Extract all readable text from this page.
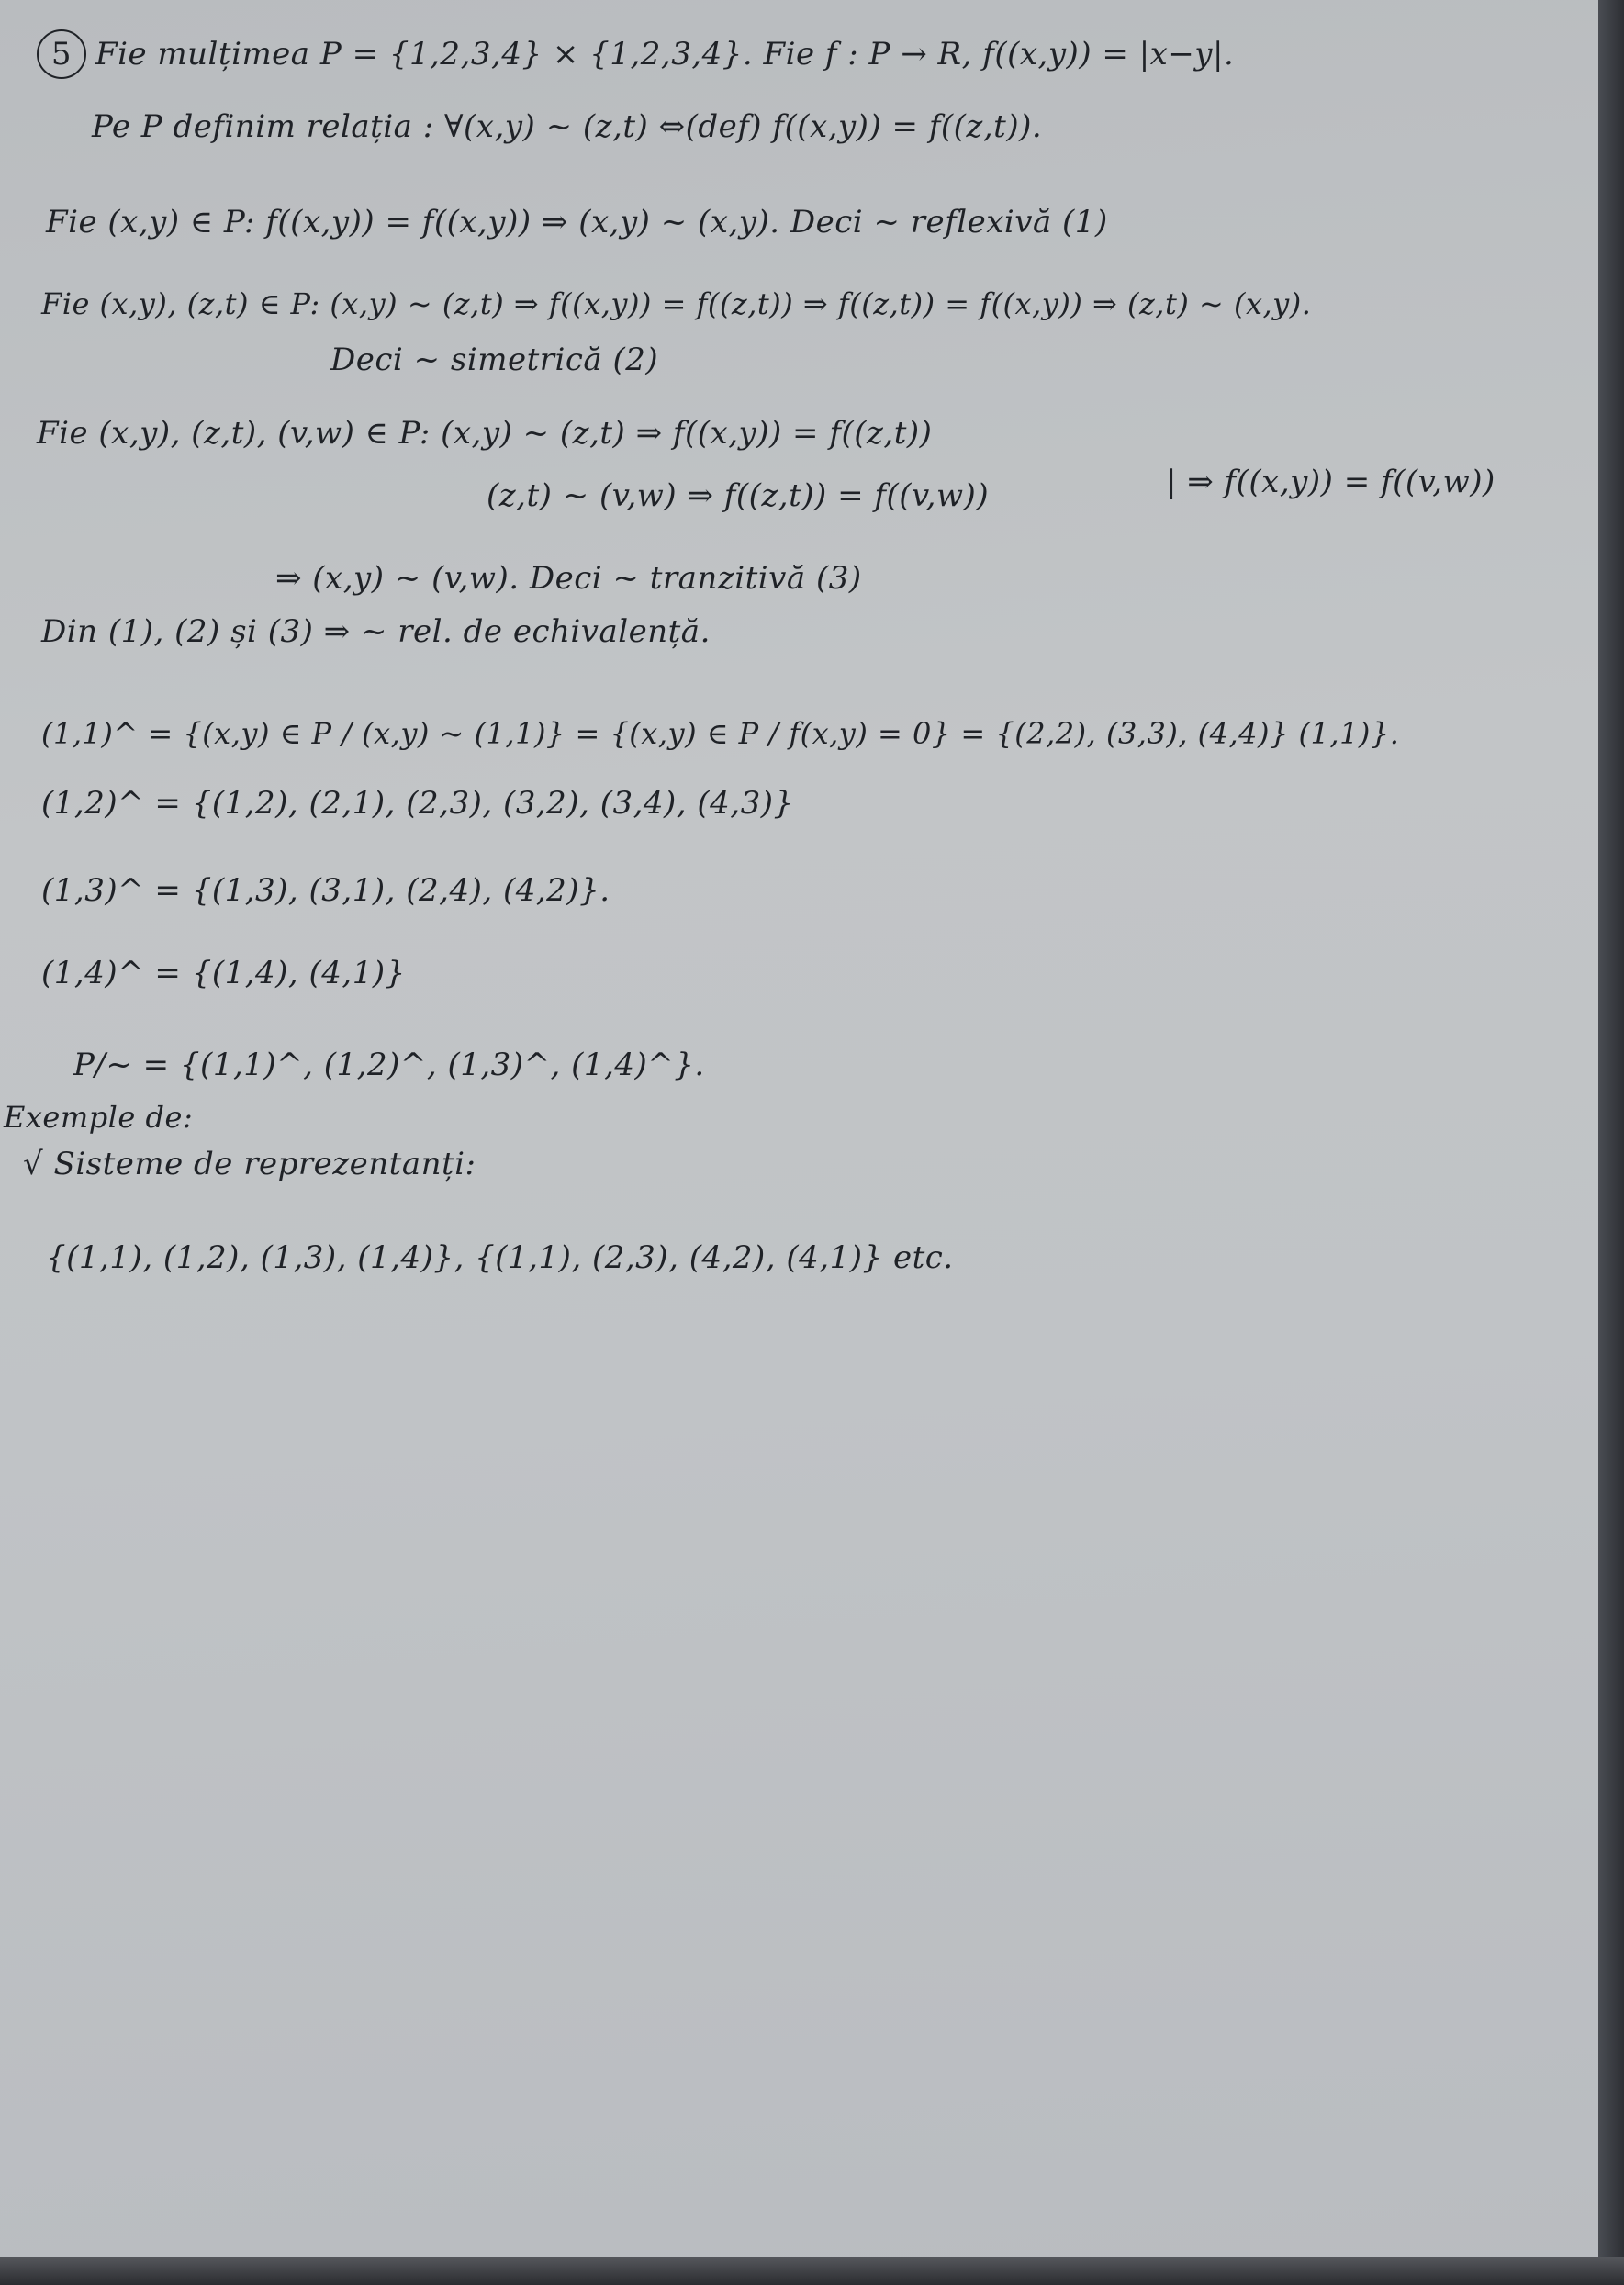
5 Fie mulțimea P = {1,2,3,4} × {1,2,3,4}. Fie f : P → R, f((x,y)) = |x−y|.
Pe P definim relația : ∀(x,y) ~ (z,t) ⇔(def) f((x,y)) = f((z,t)).
Fie (x,y) ∈ P: f((x,y)) = f((x,y)) ⇒ (x,y) ~ (x,y). Deci ~ reflexivă (1)
Fie (x,y), (z,t) ∈ P: (x,y) ~ (z,t) ⇒ f((x,y)) = f((z,t)) ⇒ f((z,t)) = f((x,y)) ⇒ (z,t) ~ (x,y).
Deci ~ simetrică (2)
Fie (x,y), (z,t), (v,w) ∈ P: (x,y) ~ (z,t) ⇒ f((x,y)) = f((z,t))
(z,t) ~ (v,w) ⇒ f((z,t)) = f((v,w))	| ⇒ f((x,y)) = f((v,w))
⇒ (x,y) ~ (v,w). Deci ~ tranzitivă (3)
Din (1), (2) și (3) ⇒ ~ rel. de echivalență.
(1,1)^ = {(x,y) ∈ P / (x,y) ~ (1,1)} = {(x,y) ∈ P / f(x,y) = 0} = {(2,2), (3,3), (4,4)} (1,1)}.
(1,2)^ = {(1,2), (2,1), (2,3), (3,2), (3,4), (4,3)}
(1,3)^ = {(1,3), (3,1), (2,4), (4,2)}.
(1,4)^ = {(1,4), (4,1)}
P/~ = {(1,1)^, (1,2)^, (1,3)^, (1,4)^}.
Exemple de:
√ Sisteme de reprezentanți:
{(1,1), (1,2), (1,3), (1,4)}, {(1,1), (2,3), (4,2), (4,1)} etc.
